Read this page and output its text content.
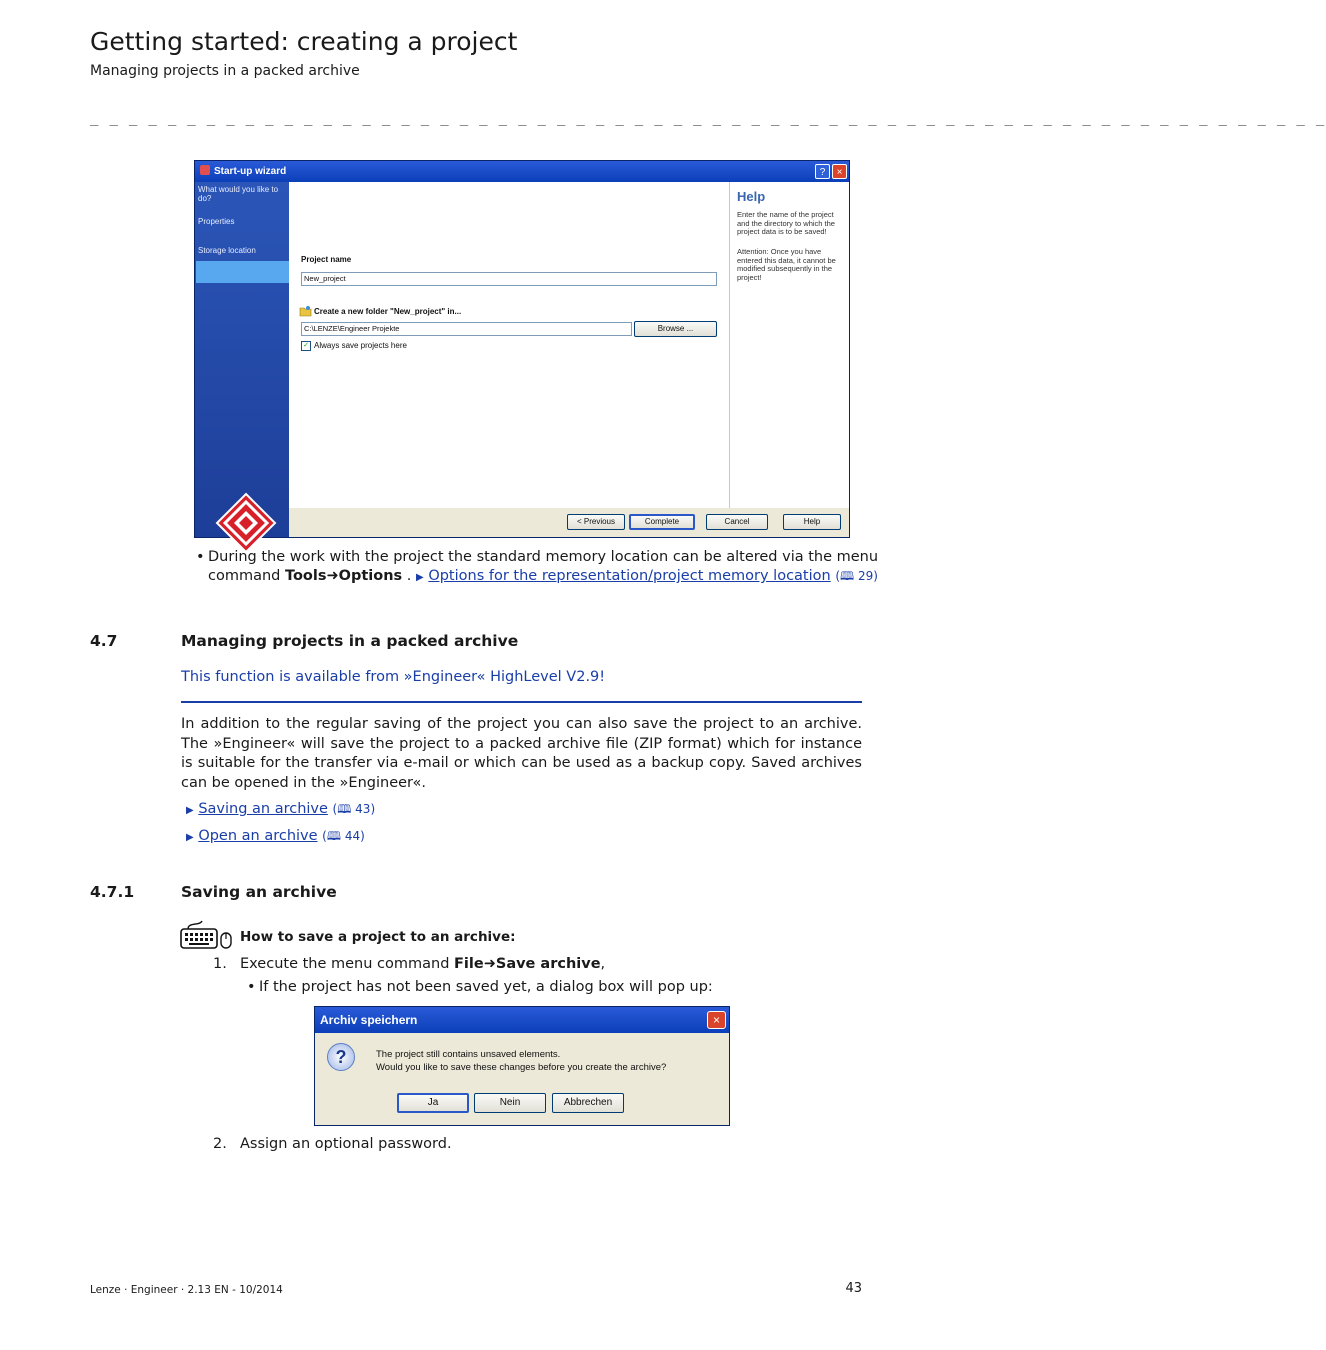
Getting started: creating a project
Managing projects in a packed archive
_ _ _ _ _ _ _ _ _ _ _ _ _ _ _ _ _ _ _ _ _ _ _ _ _ _ _ _ _ _ _ _ _ _ _ _ _ _ _ _ _ _ _ _ _ _ _ _ _ _ _ _ _ _ _ _ _ _ _ _ _ _ _ _
Start-up wizard	?	×
What would you like to do?
Properties
Storage location
Project name
New_project
Create a new folder "New_project" in...
C:\LENZE\Engineer Projekte	Browse ...
✓ Always save projects here
Help
Enter the name of the project and the directory to which the project data is to be saved!
Attention: Once you have entered this data, it cannot be modified subsequently in the project!
< Previous	Complete	Cancel	Help
• During the work with the project the standard memory location can be altered via the menu
command Tools➜Options . ▶ Options for the representation/project memory location (🕮 29)
4.7	Managing projects in a packed archive
This function is available from »Engineer« HighLevel V2.9!
In addition to the regular saving of the project you can also save the project to an archive. The »Engineer« will save the project to a packed archive file (ZIP format) which for instance is suitable for the transfer via e-mail or which can be used as a backup copy. Saved archives can be opened in the »Engineer«.
▶ Saving an archive (🕮 43)
▶ Open an archive (🕮 44)
4.7.1	Saving an archive
How to save a project to an archive:
1. Execute the menu command File➜Save archive,
• If the project has not been saved yet, a dialog box will pop up:
Archiv speichern	×
?	The project still contains unsaved elements.
Would you like to save these changes before you create the archive?
Ja	Nein	Abbrechen
2. Assign an optional password.
Lenze · Engineer · 2.13 EN - 10/2014	43
